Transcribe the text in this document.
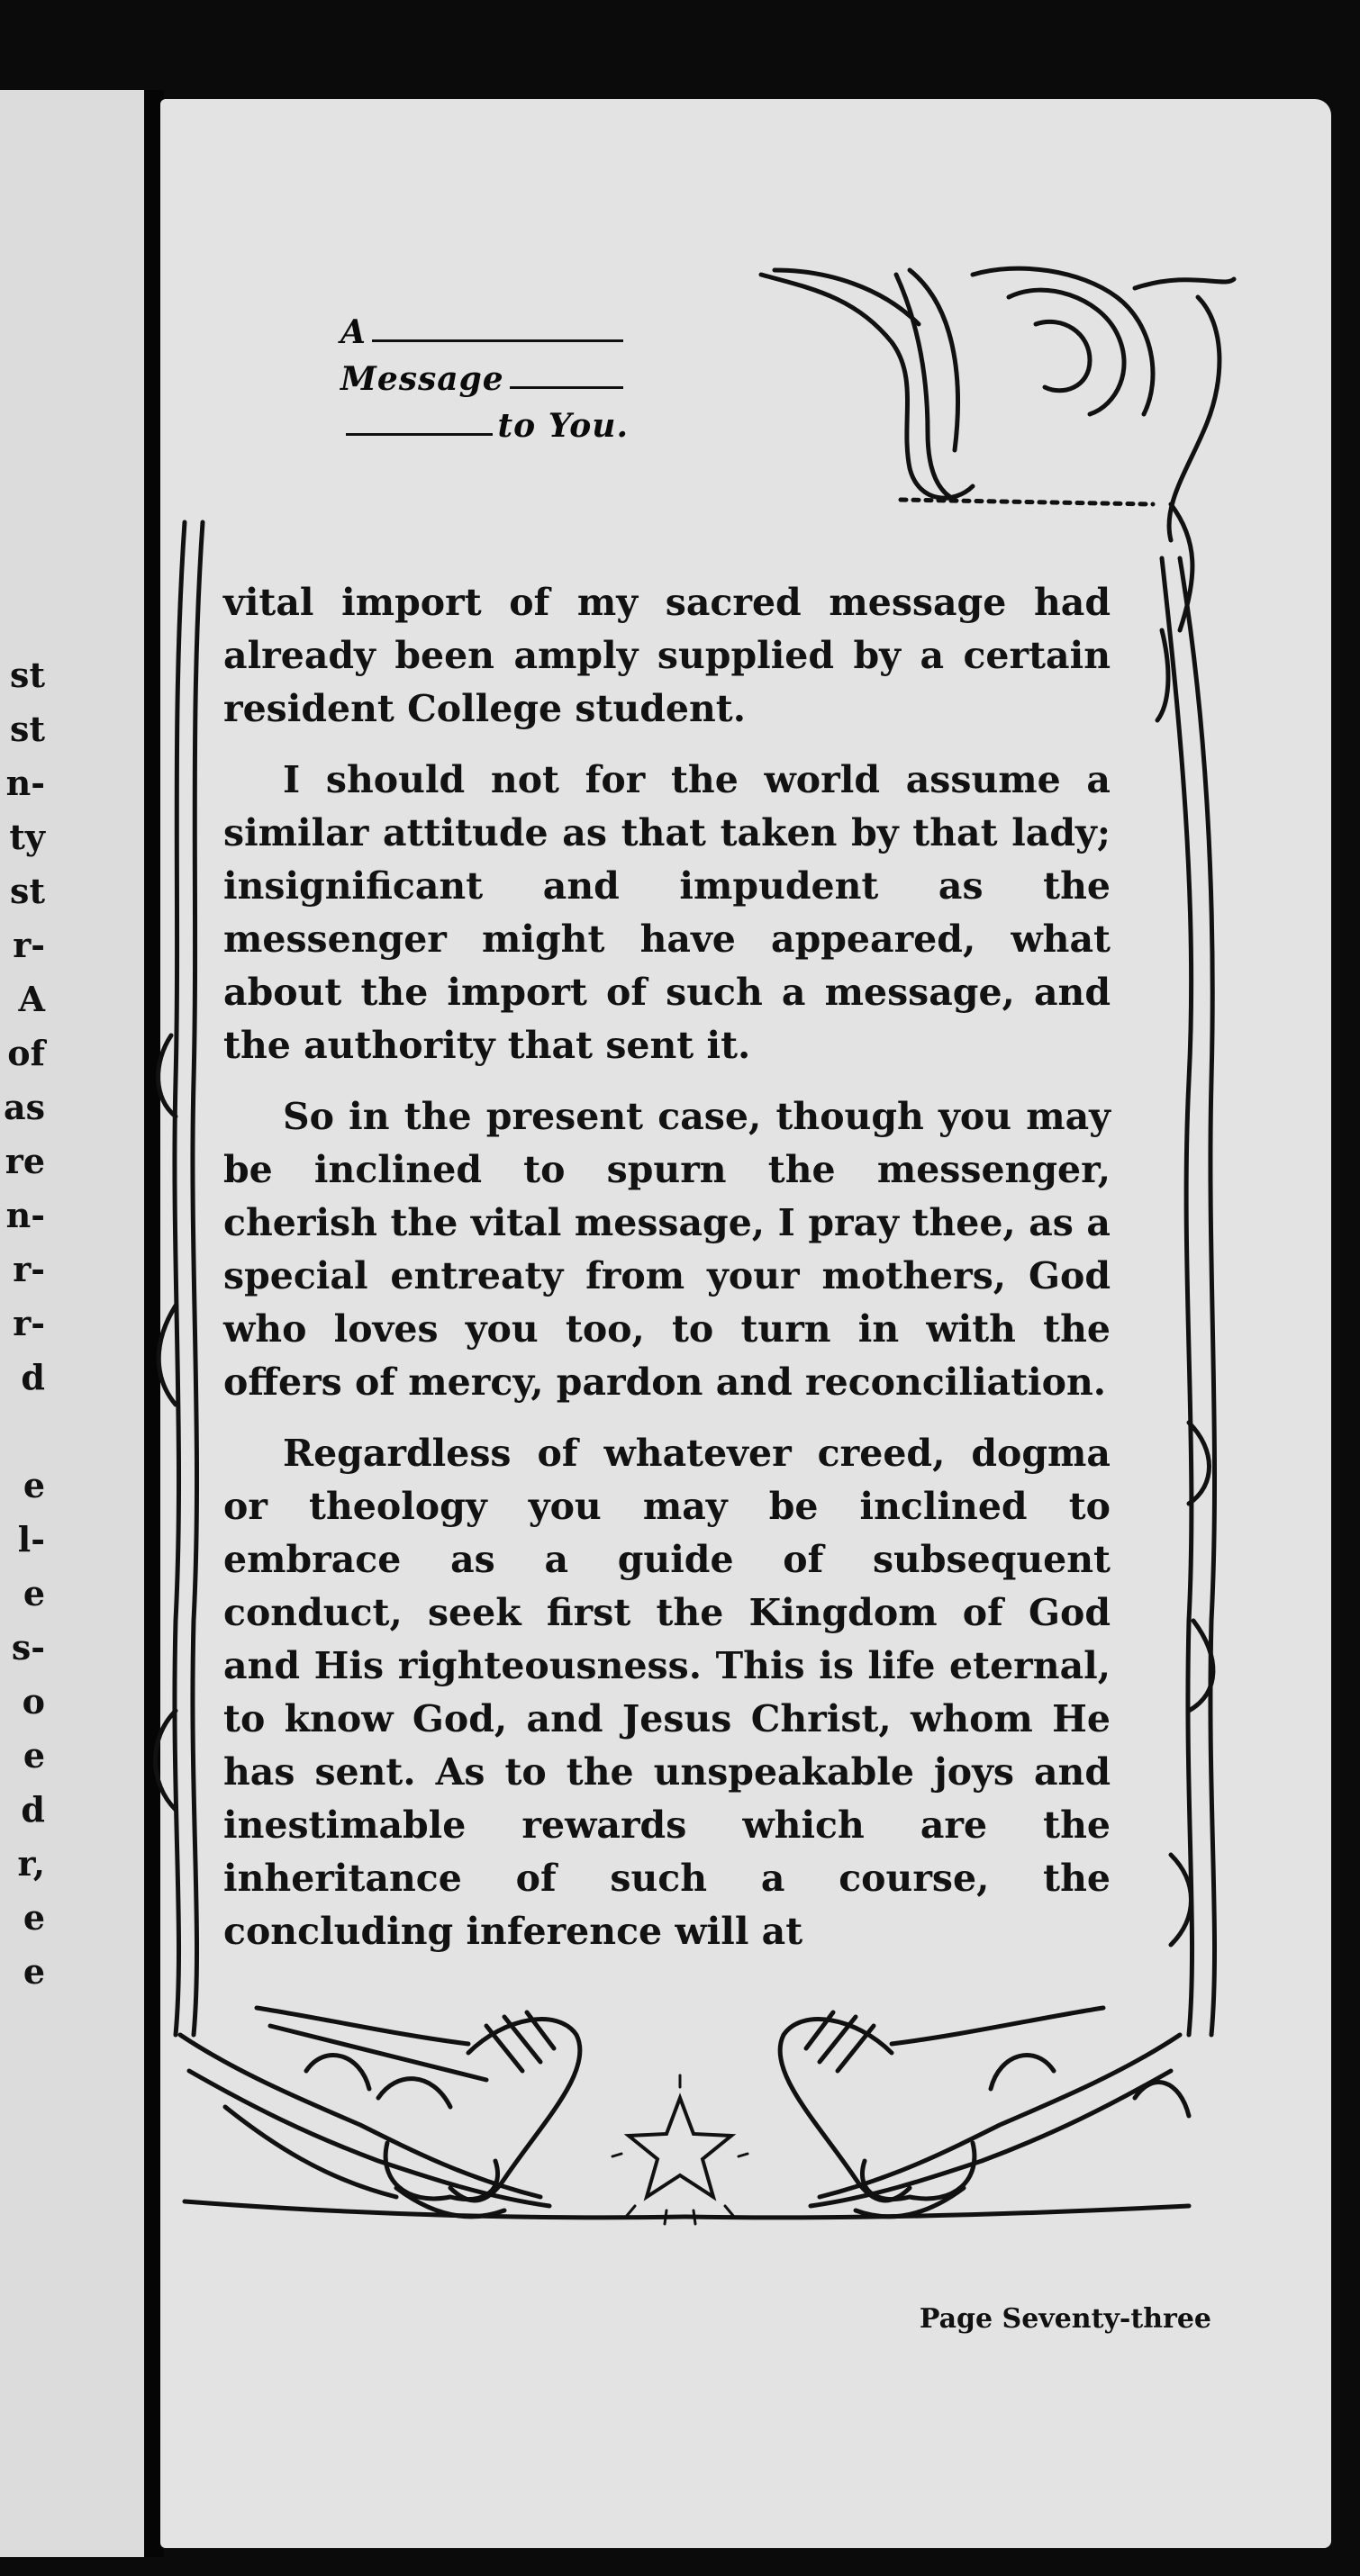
st
st
n-
ty
st
r-
A
of
as
re
n-
r-
r-
d

e
l-
e
s-
o
e
d
r,
e
e
A
Message
to You.

vital import of my sacred message had already been amply supplied by a certain resident College student.

I should not for the world assume a similar attitude as that taken by that lady; insignificant and impudent as the messenger might have appeared, what about the import of such a message, and the authority that sent it.

So in the present case, though you may be inclined to spurn the messenger, cherish the vital message, I pray thee, as a special entreaty from your mothers, God who loves you too, to turn in with the offers of mercy, pardon and reconciliation.

Regardless of whatever creed, dogma or theology you may be inclined to embrace as a guide of subsequent conduct, seek first the Kingdom of God and His righteousness. This is life eternal, to know God, and Jesus Christ, whom He has sent. As to the unspeakable joys and inestimable rewards which are the inheritance of such a course, the concluding inference will at

Page Seventy-three
